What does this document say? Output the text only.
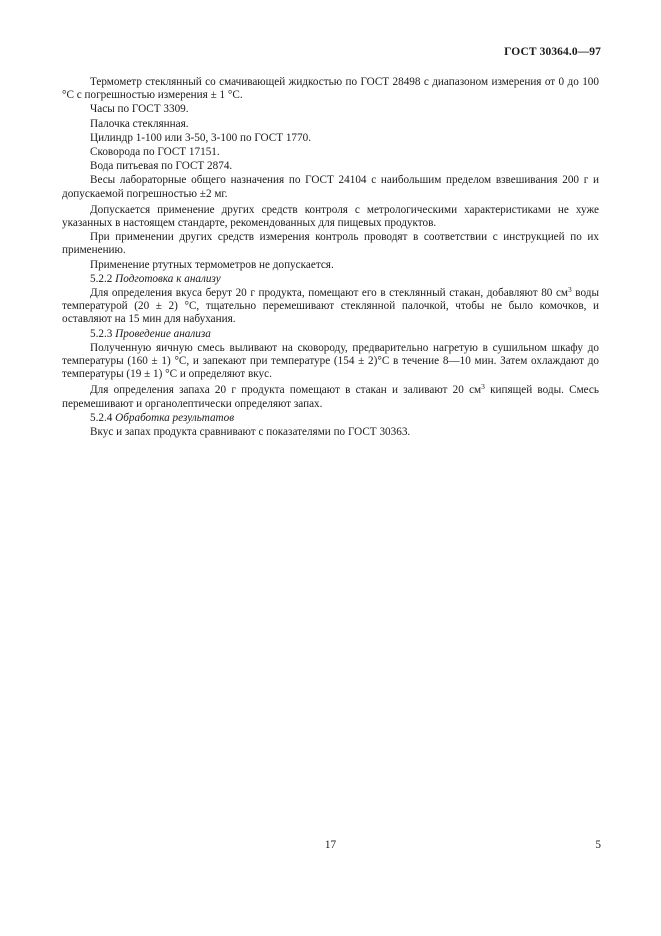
ГОСТ 30364.0—97

Термометр стеклянный со смачивающей жидкостью по ГОСТ 28498 с диапазоном измерения от 0 до 100 °С с погрешностью измерения ± 1 °С.

Часы по ГОСТ 3309.

Палочка стеклянная.

Цилиндр 1-100 или 3-50, 3-100 по ГОСТ 1770.

Сковорода по ГОСТ 17151.

Вода питьевая по ГОСТ 2874.

Весы лабораторные общего назначения по ГОСТ 24104 с наибольшим пределом взвешивания 200 г и допускаемой погрешностью ±2 мг.

Допускается применение других средств контроля с метрологическими характеристиками не хуже указанных в настоящем стандарте, рекомендованных для пищевых продуктов.

При применении других средств измерения контроль проводят в соответствии с инструкцией по их применению.

Применение ртутных термометров не допускается.

5.2.2 Подготовка к анализу

Для определения вкуса берут 20 г продукта, помещают его в стеклянный стакан, добавляют 80 $см^3$ воды температурой (20 ± 2) °С, тщательно перемешивают стеклянной палочкой, чтобы не было комочков, и оставляют на 15 мин для набухания.

5.2.3 Проведение анализа

Полученную яичную смесь выливают на сковороду, предварительно нагретую в сушильном шкафу до температуры (160 ± 1) °С, и запекают при температуре (154 ± 2)°С в течение 8—10 мин. Затем охлаждают до температуры (19 ± 1) °С и определяют вкус.

Для определения запаха 20 г продукта помещают в стакан и заливают 20 $см^3$ кипящей воды. Смесь перемешивают и органолептически определяют запах.

5.2.4 Обработка результатов

Вкус и запах продукта сравнивают с показателями по ГОСТ 30363.

17	5
